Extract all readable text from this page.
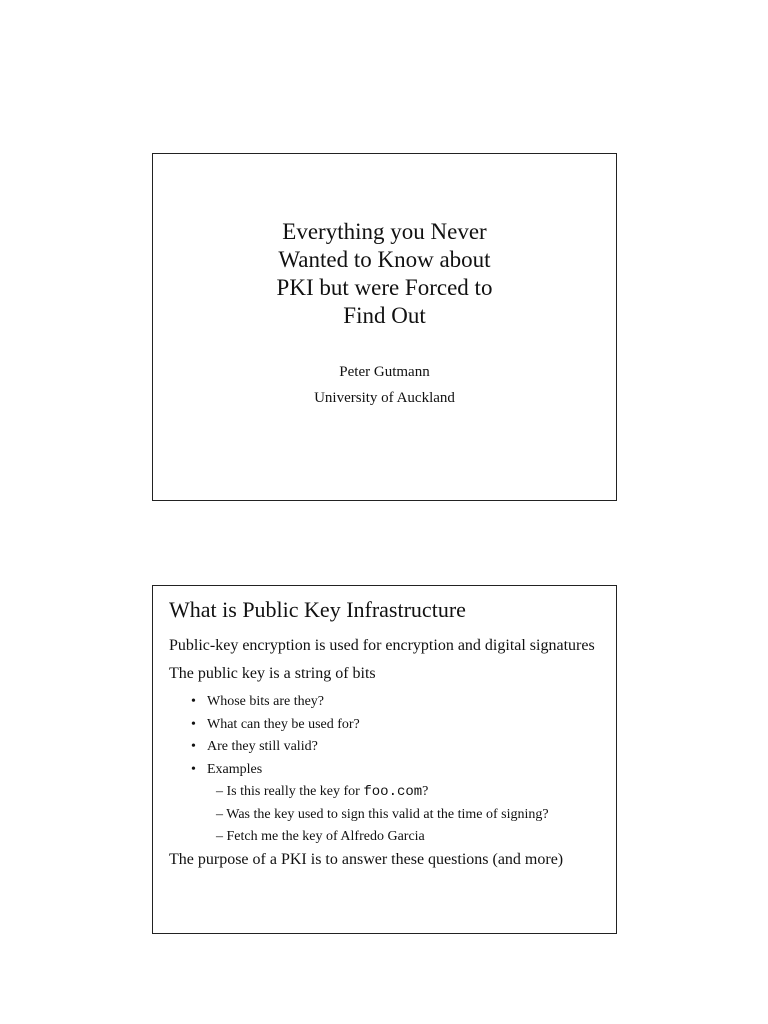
Everything you Never
Wanted to Know about
PKI but were Forced to
Find Out
Peter Gutmann
University of Auckland
What is Public Key Infrastructure

Public-key encryption is used for encryption and digital signatures

The public key is a string of bits

• Whose bits are they?
• What can they be used for?
• Are they still valid?
• Examples
– Is this really the key for foo.com?
– Was the key used to sign this valid at the time of signing?
– Fetch me the key of Alfredo Garcia

The purpose of a PKI is to answer these questions (and more)
